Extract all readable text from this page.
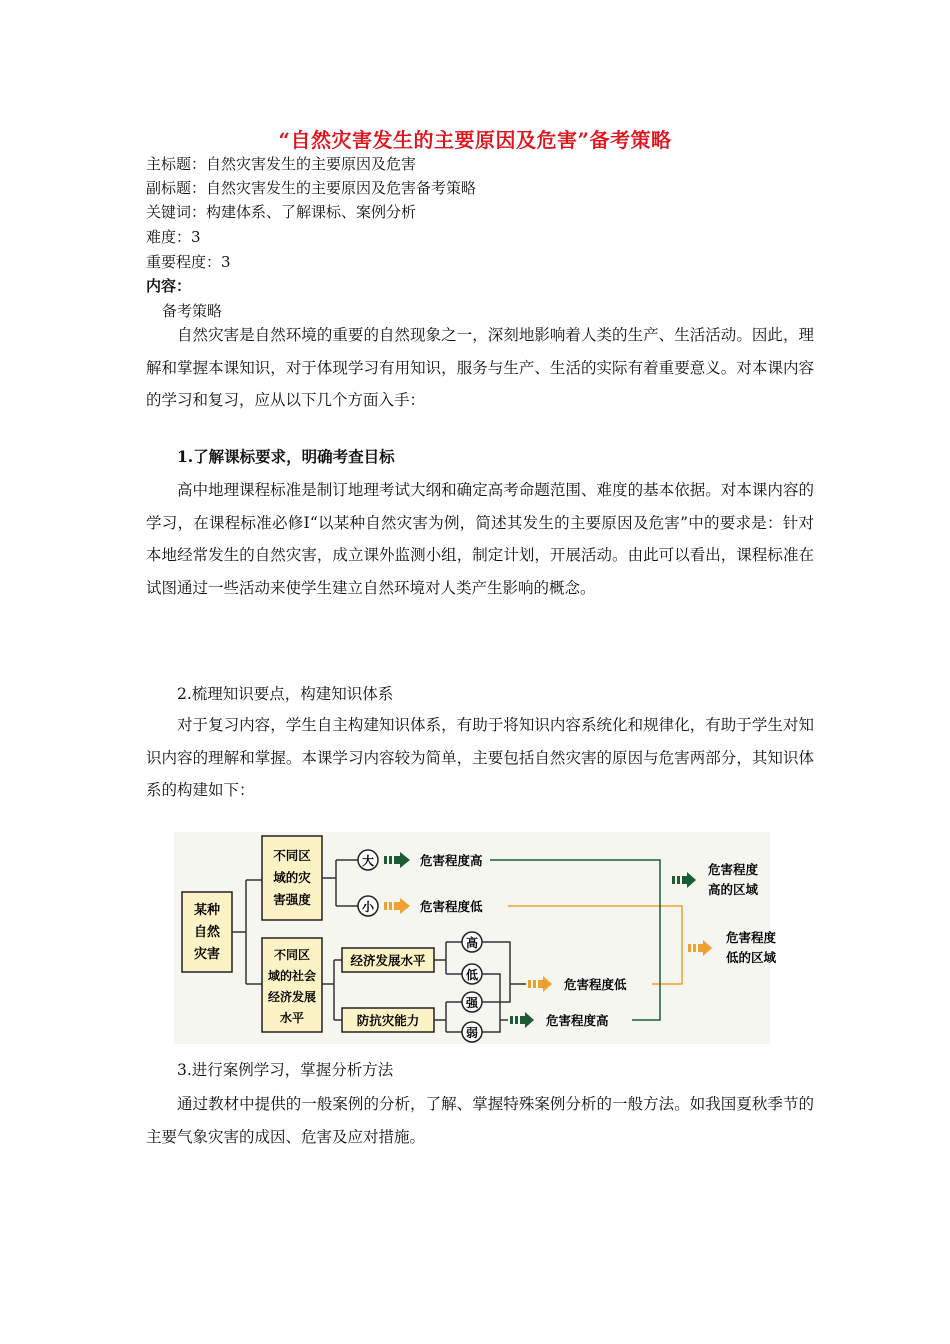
“自然灾害发生的主要原因及危害”备考策略
主标题：自然灾害发生的主要原因及危害
副标题：自然灾害发生的主要原因及危害备考策略
关键词：构建体系、了解课标、案例分析
难度：3
重要程度：3
内容：
备考策略
自然灾害是自然环境的重要的自然现象之一，深刻地影响着人类的生产、生活活动。因此，理解和掌握本课知识，对于体现学习有用知识，服务与生产、生活的实际有着重要意义。对本课内容的学习和复习，应从以下几个方面入手：
1.了解课标要求，明确考查目标
高中地理课程标准是制订地理考试大纲和确定高考命题范围、难度的基本依据。对本课内容的学习，在课程标准必修Ⅰ“以某种自然灾害为例，简述其发生的主要原因及危害”中的要求是：针对本地经常发生的自然灾害，成立课外监测小组，制定计划，开展活动。由此可以看出，课程标准在试图通过一些活动来使学生建立自然环境对人类产生影响的概念。
2.梳理知识要点，构建知识体系
对于复习内容，学生自主构建知识体系，有助于将知识内容系统化和规律化，有助于学生对知识内容的理解和掌握。本课学习内容较为简单，主要包括自然灾害的原因与危害两部分，其知识体系的构建如下：
某种
自然
灾害
不同区
域的灾
害强度
不同区
域的社会
经济发展
水平
大
小
危害程度高
危害程度低
危害程度
高的区域
危害程度
低的区域
经济发展水平
防抗灾能力
高
低
强
弱
危害程度低
危害程度高
3.进行案例学习，掌握分析方法
通过教材中提供的一般案例的分析，了解、掌握特殊案例分析的一般方法。如我国夏秋季节的主要气象灾害的成因、危害及应对措施。
